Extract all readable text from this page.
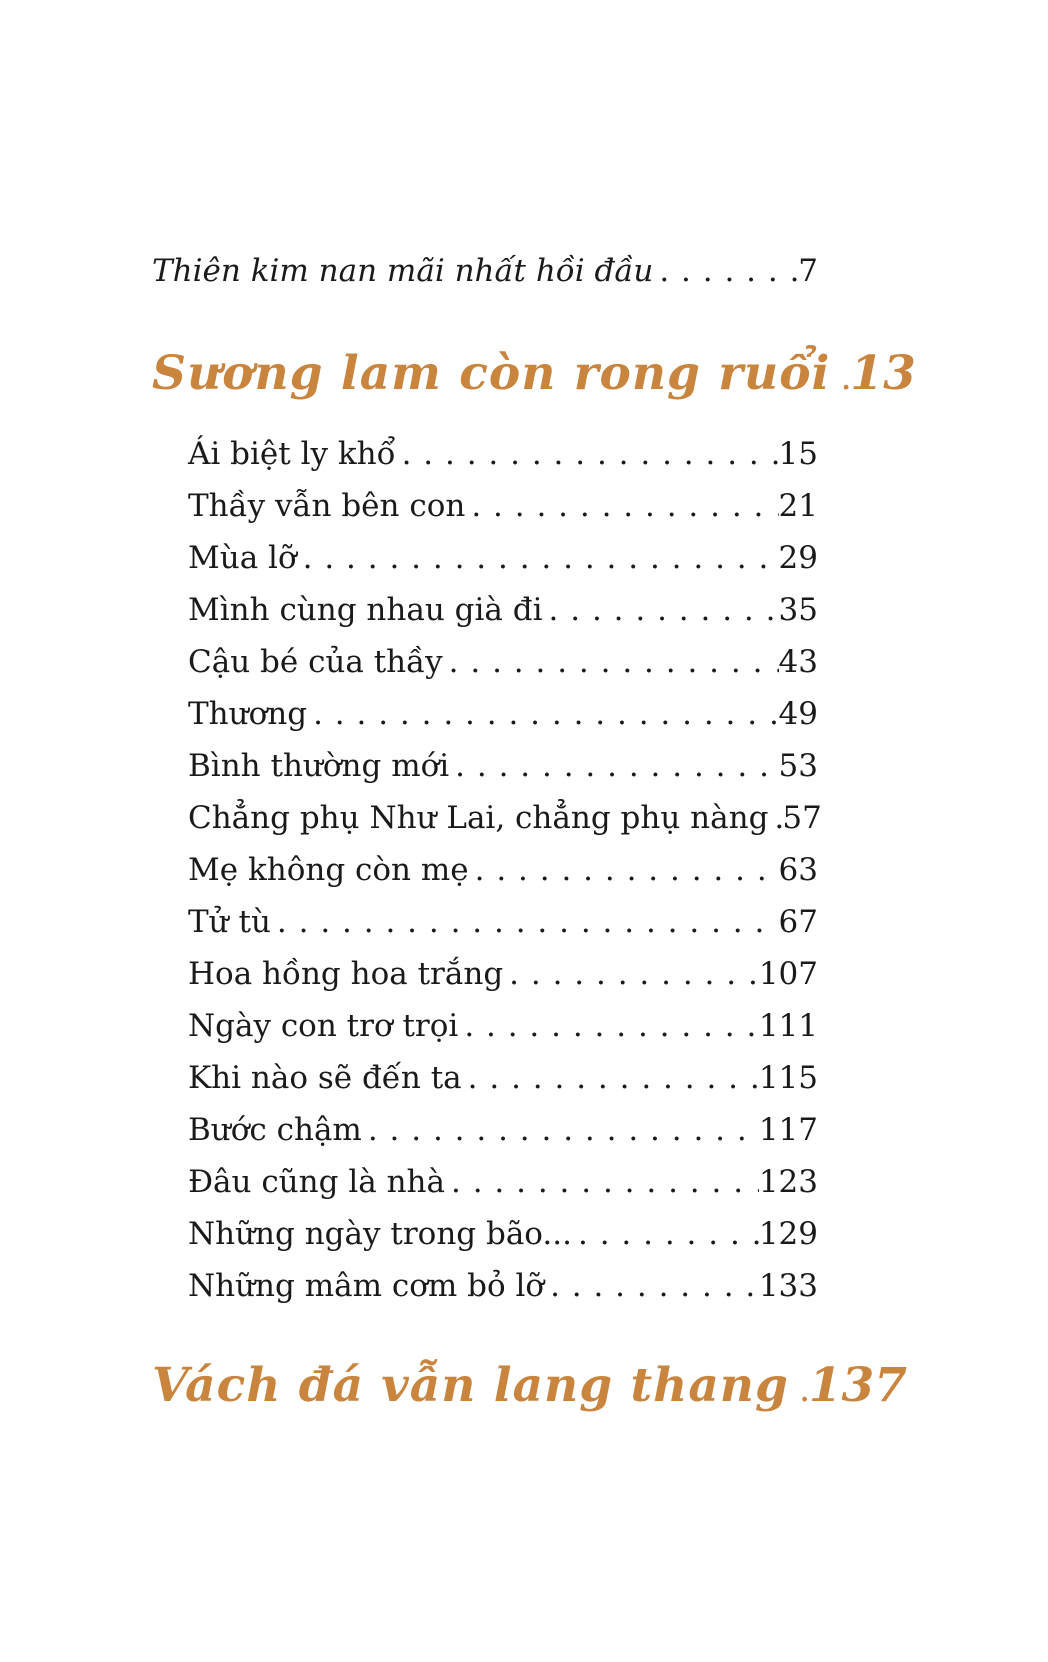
Thiên kim nan mãi nhất hồi đầu . . .	7
Sương lam còn rong ruổi . . . 13
Ái biệt ly khổ . . .	15
Thầy vẫn bên con . . .	21
Mùa lỡ . . .	29
Mình cùng nhau già đi . . .	35
Cậu bé của thầy . . .	43
Thương . . .	49
Bình thường mới . . .	53
Chẳng phụ Như Lai, chẳng phụ nàng . . . 57
Mẹ không còn mẹ . . .	63
Tử tù . . .	67
Hoa hồng hoa trắng . . .	107
Ngày con trơ trọi . . .	111
Khi nào sẽ đến ta . . .	115
Bước chậm . . .	117
Đâu cũng là nhà . . .	123
Những ngày trong bão... . . .	129
Những mâm cơm bỏ lỡ . . .	133
Vách đá vẫn lang thang . . . 137
